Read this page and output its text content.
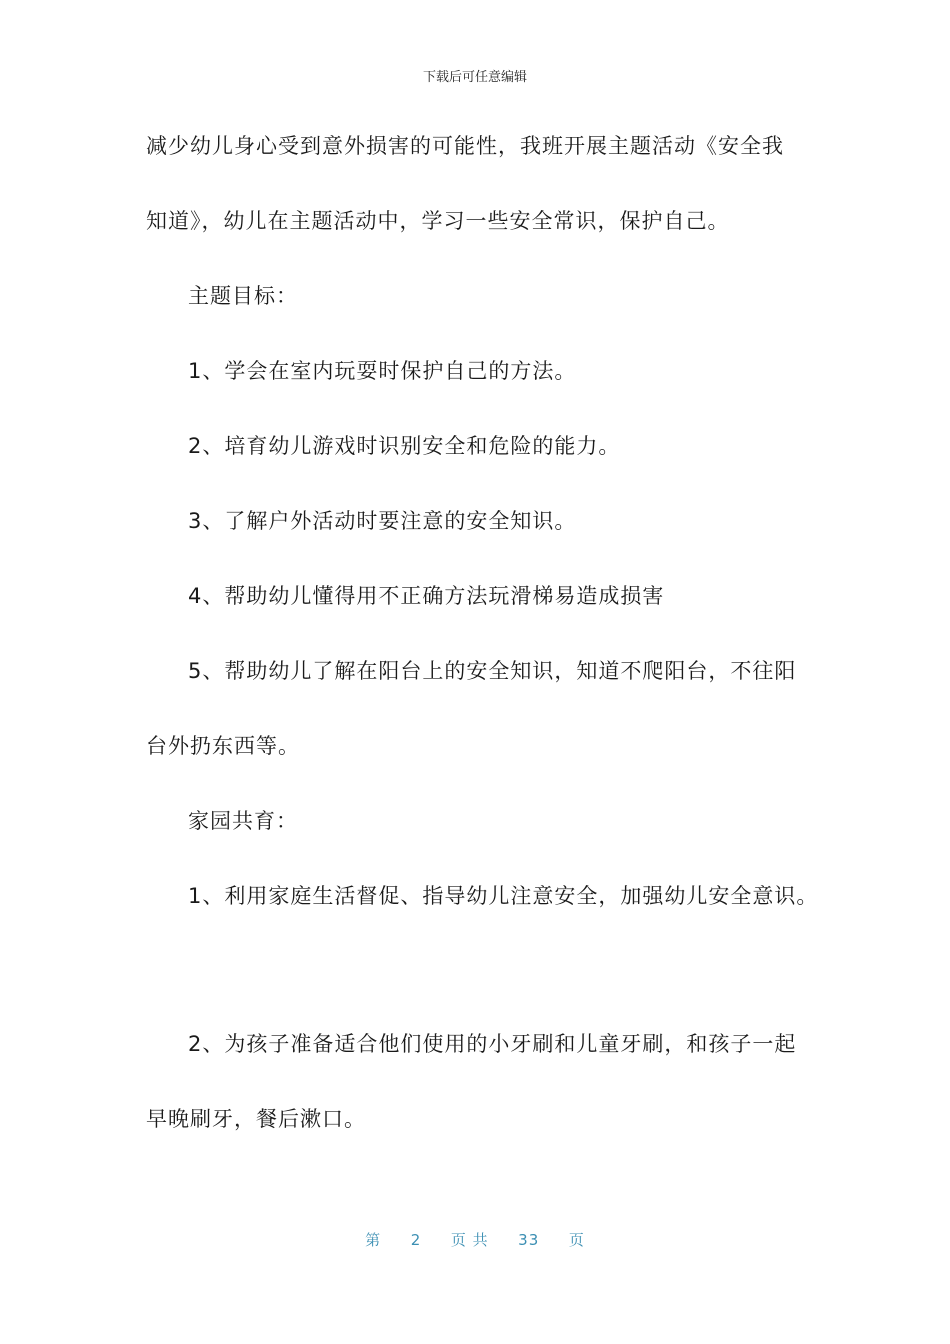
下载后可任意编辑
减少幼儿身心受到意外损害的可能性，我班开展主题活动《安全我
知道》，幼儿在主题活动中，学习一些安全常识，保护自己。
主题目标：
1、学会在室内玩耍时保护自己的方法。
2、培育幼儿游戏时识别安全和危险的能力。
3、了解户外活动时要注意的安全知识。
4、帮助幼儿懂得用不正确方法玩滑梯易造成损害
5、帮助幼儿了解在阳台上的安全知识，知道不爬阳台，不往阳
台外扔东西等。
家园共育：
1、利用家庭生活督促、指导幼儿注意安全，加强幼儿安全意识。
2、为孩子准备适合他们使用的小牙刷和儿童牙刷，和孩子一起
早晚刷牙，餐后漱口。
第 2 页 共 33 页
